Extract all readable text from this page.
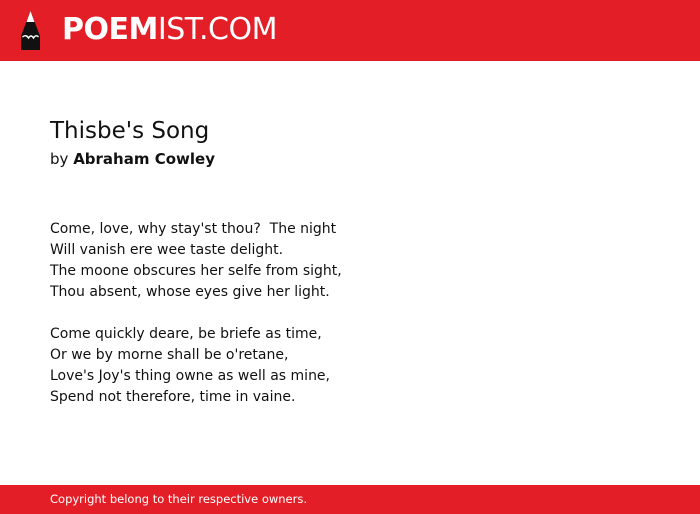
POEMIST.COM
Thisbe's Song
by Abraham Cowley

Come, love, why stay'st thou?  The night
Will vanish ere wee taste delight.
The moone obscures her selfe from sight,
Thou absent, whose eyes give her light.

Come quickly deare, be briefe as time,
Or we by morne shall be o'retane,
Love's Joy's thing owne as well as mine,
Spend not therefore, time in vaine.

Copyright belong to their respective owners.
